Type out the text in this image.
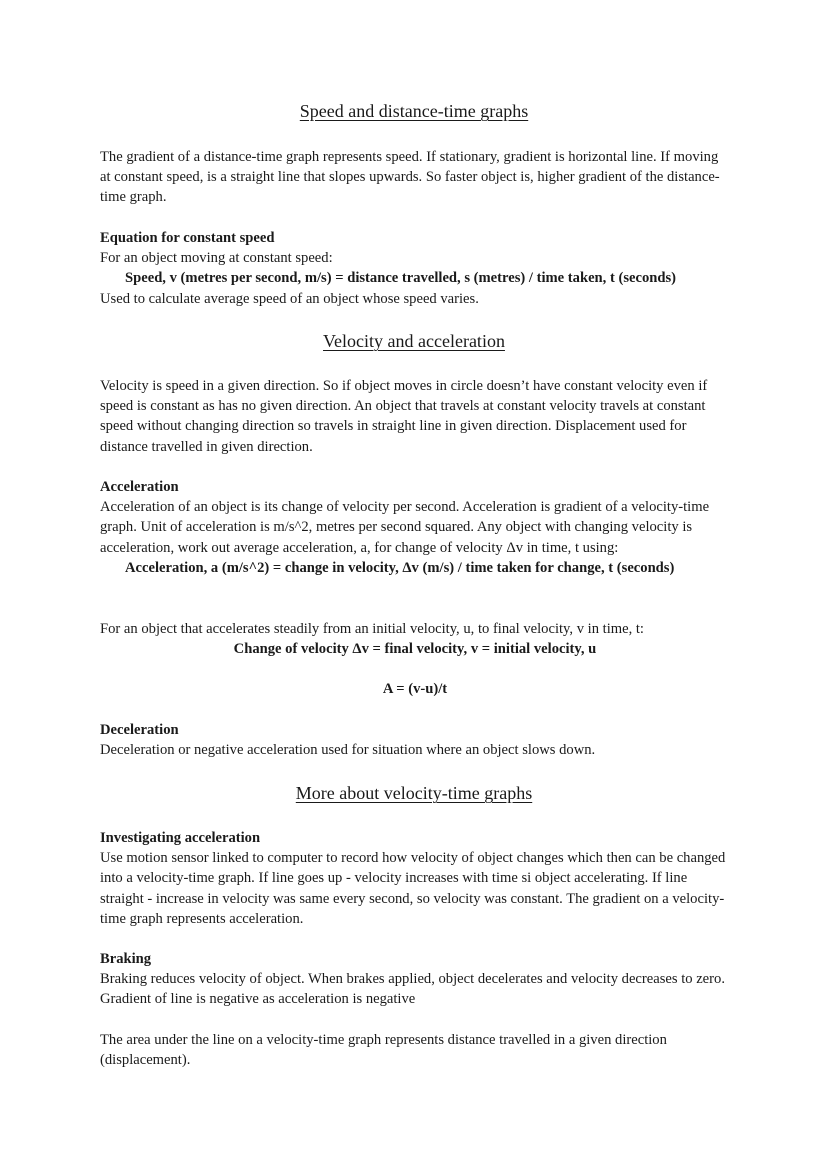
Speed and distance-time graphs

The gradient of a distance-time graph represents speed. If stationary, gradient is horizontal line. If moving at constant speed, is a straight line that slopes upwards. So faster object is, higher gradient of the distance-time graph.

Equation for constant speed

For an object moving at constant speed:

Speed, v (metres per second, m/s) = distance travelled, s (metres) / time taken, t (seconds)

Used to calculate average speed of an object whose speed varies.

Velocity and acceleration

Velocity is speed in a given direction. So if object moves in circle doesn’t have constant velocity even if speed is constant as has no given direction. An object that travels at constant velocity travels at constant speed without changing direction so travels in straight line in given direction. Displacement used for distance travelled in given direction.

Acceleration

Acceleration of an object is its change of velocity per second. Acceleration is gradient of a velocity-time graph. Unit of acceleration is m/s^2, metres per second squared. Any object with changing velocity is acceleration, work out average acceleration, a, for change of velocity Δv in time, t using:

Acceleration, a (m/s^2) = change in velocity, Δv (m/s) / time taken for change, t (seconds)

For an object that accelerates steadily from an initial velocity, u, to final velocity, v in time, t:

Change of velocity Δv = final velocity, v = initial velocity, u

A = (v-u)/t

Deceleration

Deceleration or negative acceleration used for situation where an object slows down.

More about velocity-time graphs

Investigating acceleration

Use motion sensor linked to computer to record how velocity of object changes which then can be changed into a velocity-time graph. If line goes up - velocity increases with time si object accelerating. If line straight - increase in velocity was same every second, so velocity was constant. The gradient on a velocity-time graph represents acceleration.

Braking

Braking reduces velocity of object. When brakes applied, object decelerates and velocity decreases to zero. Gradient of line is negative as acceleration is negative

The area under the line on a velocity-time graph represents distance travelled in a given direction (displacement).
